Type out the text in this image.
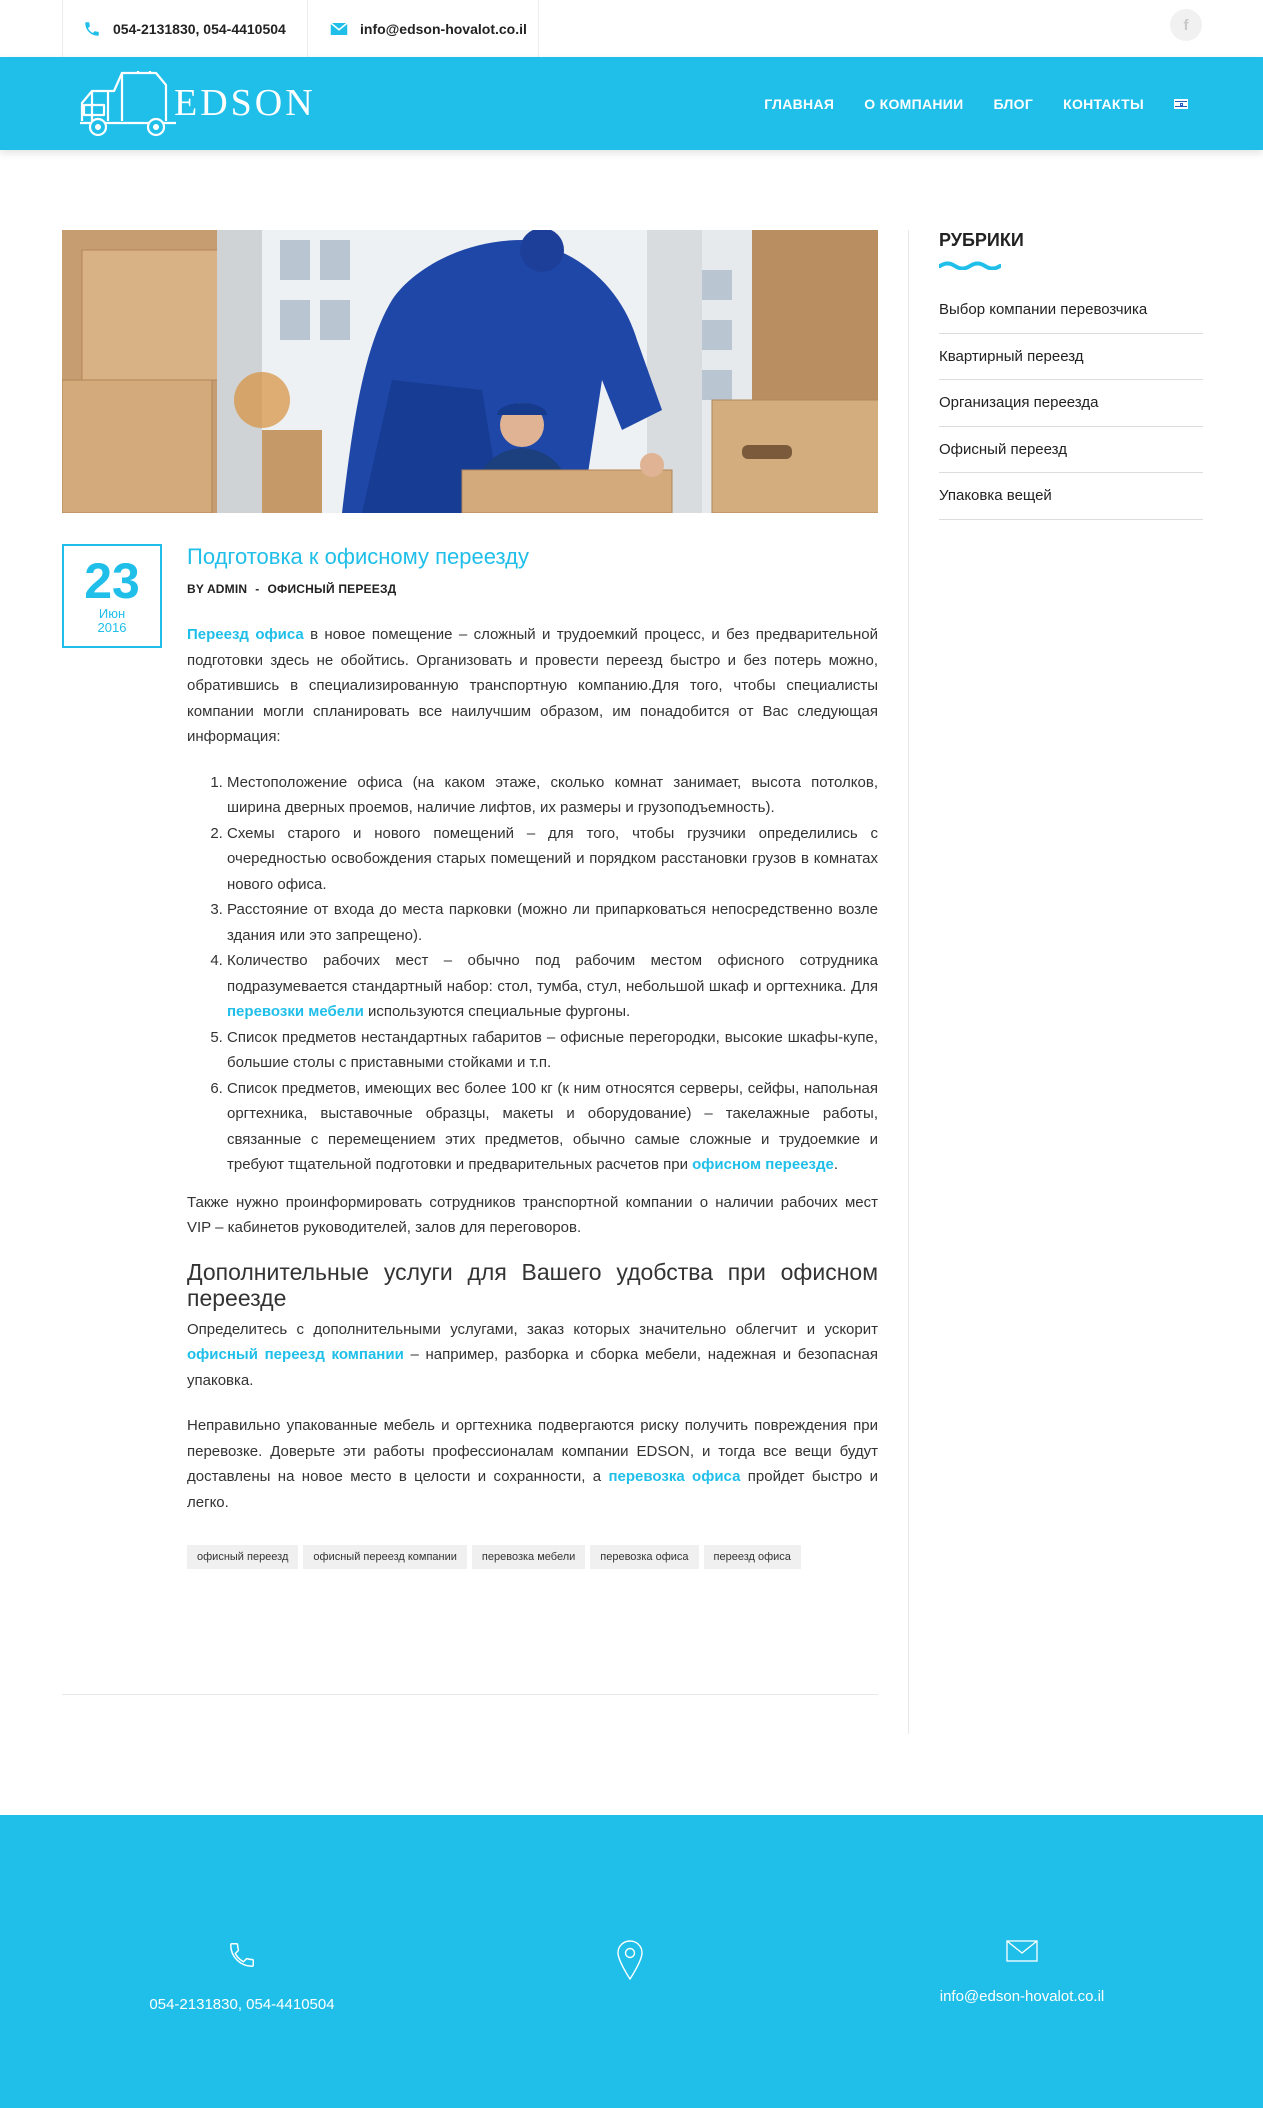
054-2131830, 054-4410504	info@edson-hovalot.co.il	f
EDSON	ГЛАВНАЯ О КОМПАНИИ БЛОГ КОНТАКТЫ
23
Июн
2016
Подготовка к офисному переезду
BY ADMIN - ОФИСНЫЙ ПЕРЕЕЗД

Переезд офиса в новое помещение – сложный и трудоемкий процесс, и без предварительной подготовки здесь не обойтись. Организовать и провести переезд быстро и без потерь можно, обратившись в специализированную транспортную компанию.Для того, чтобы специалисты компании могли спланировать все наилучшим образом, им понадобится от Вас следующая информация:

1. Местоположение офиса (на каком этаже, сколько комнат занимает, высота потолков, ширина дверных проемов, наличие лифтов, их размеры и грузоподъемность).
2. Схемы старого и нового помещений – для того, чтобы грузчики определились с очередностью освобождения старых помещений и порядком расстановки грузов в комнатах нового офиса.
3. Расстояние от входа до места парковки (можно ли припарковаться непосредственно возле здания или это запрещено).
4. Количество рабочих мест – обычно под рабочим местом офисного сотрудника подразумевается стандартный набор: стол, тумба, стул, небольшой шкаф и оргтехника. Для перевозки мебели используются специальные фургоны.
5. Список предметов нестандартных габаритов – офисные перегородки, высокие шкафы-купе, большие столы с приставными стойками и т.п.
6. Список предметов, имеющих вес более 100 кг (к ним относятся серверы, сейфы, напольная оргтехника, выставочные образцы, макеты и оборудование) – такелажные работы, связанные с перемещением этих предметов, обычно самые сложные и трудоемкие и требуют тщательной подготовки и предварительных расчетов при офисном переезде.

Также нужно проинформировать сотрудников транспортной компании о наличии рабочих мест VIP – кабинетов руководителей, залов для переговоров.

Дополнительные услуги для Вашего удобства при офисном переезде

Определитесь с дополнительными услугами, заказ которых значительно облегчит и ускорит офисный переезд компании – например, разборка и сборка мебели, надежная и безопасная упаковка.

Неправильно упакованные мебель и оргтехника подвергаются риску получить повреждения при перевозке. Доверьте эти работы профессионалам компании EDSON, и тогда все вещи будут доставлены на новое место в целости и сохранности, а перевозка офиса пройдет быстро и легко.

офисный переезд	офисный переезд компании	перевозка мебели	перевозка офиса	переезд офиса
РУБРИКИ
Выбор компании перевозчика
Квартирный переезд
Организация переезда
Офисный переезд
Упаковка вещей
054-2131830, 054-4410504	info@edson-hovalot.co.il
